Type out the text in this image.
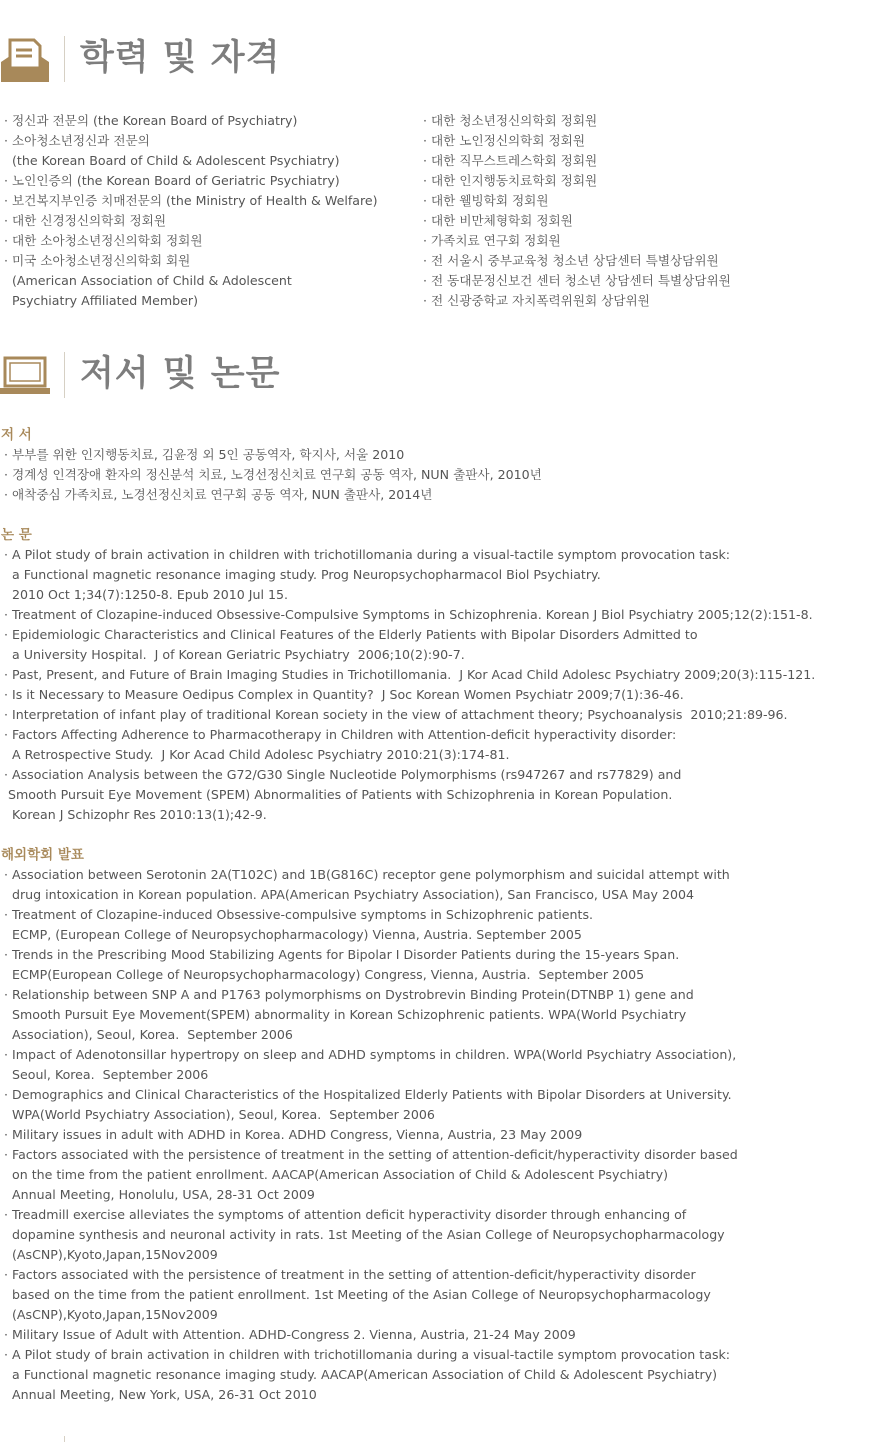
학력 및 자격
· 정신과 전문의 (the Korean Board of Psychiatry)
· 소아청소년정신과 전문의
(the Korean Board of Child & Adolescent Psychiatry)
· 노인인증의 (the Korean Board of Geriatric Psychiatry)
· 보건복지부인증 치매전문의 (the Ministry of Health & Welfare)
· 대한 신경정신의학회 정회원
· 대한 소아청소년정신의학회 정회원
· 미국 소아청소년정신의학회 회원
(American Association of Child & Adolescent
Psychiatry Affiliated Member)
· 대한 청소년정신의학회 정회원
· 대한 노인정신의학회 정회원
· 대한 직무스트레스학회 정회원
· 대한 인지행동치료학회 정회원
· 대한 웰빙학회 정회원
· 대한 비만체형학회 정회원
· 가족치료 연구회 정회원
· 전 서울시 중부교육청 청소년 상담센터 특별상담위원
· 전 동대문정신보건 센터 청소년 상담센터 특별상담위원
· 전 신광중학교 자치폭력위원회 상담위원
저서 및 논문
저 서
· 부부를 위한 인지행동치료, 김윤정 외 5인 공동역자, 학지사, 서울 2010
· 경계성 인격장애 환자의 정신분석 치료, 노경선정신치료 연구회 공동 역자, NUN 출판사, 2010년
· 애착중심 가족치료, 노경선정신치료 연구회 공동 역자, NUN 출판사, 2014년
논 문
· A Pilot study of brain activation in children with trichotillomania during a visual-tactile symptom provocation task:
a Functional magnetic resonance imaging study. Prog Neuropsychopharmacol Biol Psychiatry.
2010 Oct 1;34(7):1250-8. Epub 2010 Jul 15.
· Treatment of Clozapine-induced Obsessive-Compulsive Symptoms in Schizophrenia. Korean J Biol Psychiatry 2005;12(2):151-8.
· Epidemiologic Characteristics and Clinical Features of the Elderly Patients with Bipolar Disorders Admitted to
a University Hospital.  J of Korean Geriatric Psychiatry  2006;10(2):90-7.
· Past, Present, and Future of Brain Imaging Studies in Trichotillomania.  J Kor Acad Child Adolesc Psychiatry 2009;20(3):115-121.
· Is it Necessary to Measure Oedipus Complex in Quantity?  J Soc Korean Women Psychiatr 2009;7(1):36-46.
· Interpretation of infant play of traditional Korean society in the view of attachment theory; Psychoanalysis  2010;21:89-96.
· Factors Affecting Adherence to Pharmacotherapy in Children with Attention-deficit hyperactivity disorder:
A Retrospective Study.  J Kor Acad Child Adolesc Psychiatry 2010:21(3):174-81.
· Association Analysis between the G72/G30 Single Nucleotide Polymorphisms (rs947267 and rs77829) and
Smooth Pursuit Eye Movement (SPEM) Abnormalities of Patients with Schizophrenia in Korean Population.
Korean J Schizophr Res 2010:13(1);42-9.
해외학회 발표
· Association between Serotonin 2A(T102C) and 1B(G816C) receptor gene polymorphism and suicidal attempt with
drug intoxication in Korean population. APA(American Psychiatry Association), San Francisco, USA May 2004
· Treatment of Clozapine-induced Obsessive-compulsive symptoms in Schizophrenic patients.
ECMP, (European College of Neuropsychopharmacology) Vienna, Austria. September 2005
· Trends in the Prescribing Mood Stabilizing Agents for Bipolar I Disorder Patients during the 15-years Span.
ECMP(European College of Neuropsychopharmacology) Congress, Vienna, Austria.  September 2005
· Relationship between SNP A and P1763 polymorphisms on Dystrobrevin Binding Protein(DTNBP 1) gene and
Smooth Pursuit Eye Movement(SPEM) abnormality in Korean Schizophrenic patients. WPA(World Psychiatry
Association), Seoul, Korea.  September 2006
· Impact of Adenotonsillar hypertropy on sleep and ADHD symptoms in children. WPA(World Psychiatry Association),
Seoul, Korea.  September 2006
· Demographics and Clinical Characteristics of the Hospitalized Elderly Patients with Bipolar Disorders at University.
WPA(World Psychiatry Association), Seoul, Korea.  September 2006
· Military issues in adult with ADHD in Korea. ADHD Congress, Vienna, Austria, 23 May 2009
· Factors associated with the persistence of treatment in the setting of attention-deficit/hyperactivity disorder based
on the time from the patient enrollment. AACAP(American Association of Child & Adolescent Psychiatry)
Annual Meeting, Honolulu, USA, 28-31 Oct 2009
· Treadmill exercise alleviates the symptoms of attention deficit hyperactivity disorder through enhancing of
dopamine synthesis and neuronal activity in rats. 1st Meeting of the Asian College of Neuropsychopharmacology
(AsCNP),Kyoto,Japan,15Nov2009
· Factors associated with the persistence of treatment in the setting of attention-deficit/hyperactivity disorder
based on the time from the patient enrollment. 1st Meeting of the Asian College of Neuropsychopharmacology
(AsCNP),Kyoto,Japan,15Nov2009
· Military Issue of Adult with Attention. ADHD-Congress 2. Vienna, Austria, 21-24 May 2009
· A Pilot study of brain activation in children with trichotillomania during a visual-tactile symptom provocation task:
a Functional magnetic resonance imaging study. AACAP(American Association of Child & Adolescent Psychiatry)
Annual Meeting, New York, USA, 26-31 Oct 2010
